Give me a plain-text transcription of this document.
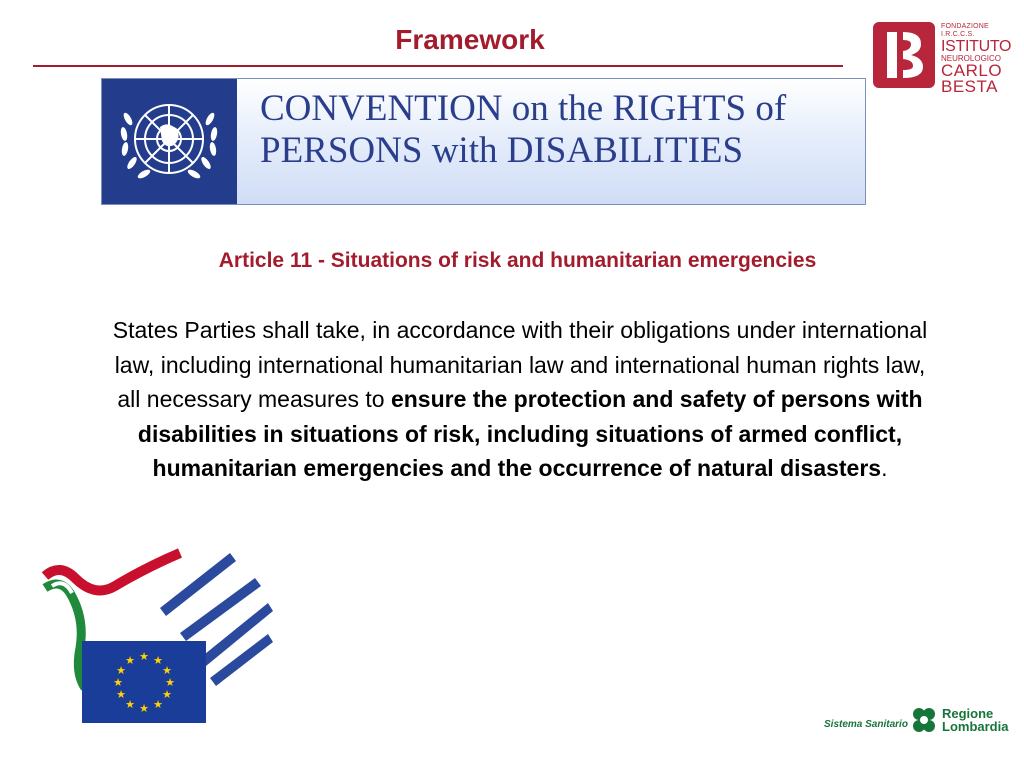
Framework	FONDAZIONE I.R.C.C.S.
ISTITUTO
NEUROLOGICO
CARLO
BESTA
CONVENTION on the RIGHTS of
PERSONS with DISABILITIES
Article 11 - Situations of risk and humanitarian emergencies
States Parties shall take, in accordance with their obligations under international law, including international humanitarian law and international human rights law, all necessary measures to ensure the protection and safety of persons with disabilities in situations of risk, including situations of armed conflict, humanitarian emergencies and the occurrence of natural disasters.
★ ★
★
★
★
★
★
★
★
★
★
★
Sistema Sanitario
Regione
Lombardia
